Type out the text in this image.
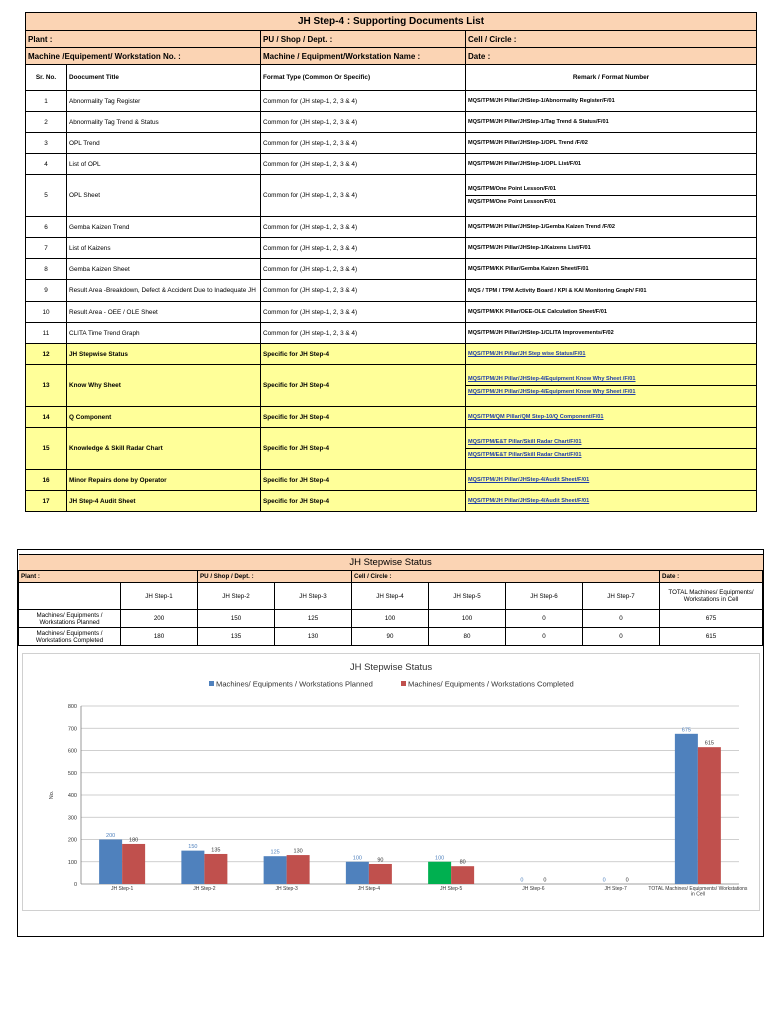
JH Step-4 : Supporting Documents List			
Plant :		PU / Shop / Dept. :	Cell / Circle :
Machine /Equipement/ Workstation No. :		Machine / Equipment/Workstation Name :	Date :
Sr. No.	Doocument Title	Format Type (Common Or Specific)	Remark / Format Number
1	Abnormality Tag Register	Common for (JH step-1, 2, 3 & 4)	MQS/TPM/JH Pillar/JHStep-1/Abnormality Register/F/01

2	Abnormality Tag Trend & Status	Common for (JH step-1, 2, 3 & 4)	MQS/TPM/JH Pillar/JHStep-1/Tag Trend & Status/F/01

3	OPL Trend	Common for (JH step-1, 2, 3 & 4)	MQS/TPM/JH Pillar/JHStep-1/OPL Trend /F/02

4	List of OPL	Common for (JH step-1, 2, 3 & 4)	MQS/TPM/JH Pillar/JHStep-1/OPL List/F/01

5	OPL Sheet	Common for (JH step-1, 2, 3 & 4)	MQS/TPM/One Point Lesson/F/01
MQS/TPM/One Point Lesson/F/01

6	Gemba Kaizen Trend	Common for (JH step-1, 2, 3 & 4)	MQS/TPM/JH Pillar/JHStep-1/Gemba Kaizen Trend /F/02

7	List of Kaizens	Common for (JH step-1, 2, 3 & 4)	MQS/TPM/JH Pillar/JHStep-1/Kaizens List/F/01

8	Gemba Kaizen Sheet	Common for (JH step-1, 2, 3 & 4)	MQS/TPM/KK Pillar/Gemba Kaizen Sheet/F/01

9	Result Area -Breakdown, Defect & Accident Due to Inadequate JH	Common for (JH step-1, 2, 3 & 4)	MQS / TPM / TPM Activity Board / KPI & KAI Monitoring Graph/ F/01

10	Result Area - OEE / OLE Sheet	Common for (JH step-1, 2, 3 & 4)	MQS/TPM/KK Pillar/OEE-OLE Calculation Sheet/F/01

11	CLITA Time Trend Graph	Common for (JH step-1, 2, 3 & 4)	MQS/TPM/JH Pillar/JHStep-1/CLITA Improvements/F/02

12	JH Stepwise Status	Specific for JH Step-4	MQS/TPM/JH Pillar/JH Step wise Status/F/01

13	Know Why Sheet	Specific for JH Step-4	MQS/TPM/JH Pillar/JHStep-4/Equipment Know Why Sheet /F/01
MQS/TPM/JH Pillar/JHStep-4/Equipment Know Why Sheet /F/01

14	Q Component	Specific for JH Step-4	MQS/TPM/QM Pillar/QM Step-10/Q Component/F/01

15	Knowledge & Skill Radar Chart	Specific for JH Step-4	MQS/TPM/E&T Pillar/Skill Radar Chart/F/01
MQS/TPM/E&T Pillar/Skill Radar Chart/F/01

16	Minor Repairs done by Operator	Specific for JH Step-4	MQS/TPM/JH Pillar/JHStep-4/Audit Sheet/F/01

17	JH Step-4 Audit Sheet	Specific for JH Step-4	MQS/TPM/JH Pillar/JHStep-4/Audit Sheet/F/01
JH Stepwise Status								
Plant :		PU / Shop / Dept. :		Cell / Circle :				Date :
	JH Step-1	JH Step-2	JH Step-3	JH Step-4	JH Step-5	JH Step-6	JH Step-7	TOTAL Machines/ Equipments/ Workstations in Cell
Machines/ Equipments / Workstations Planned	200	150	125	100	100	0	0	675
Machines/ Equipments / Workstations Completed	180	135	130	90	80	0	0	615
JH Stepwise Status
Machines/ Equipments / Workstations Planned	Machines/ Equipments / Workstations Completed
0
100
200
300
400
500
600
700
800
No.
200
180
JH Step-1
150
135
JH Step-2
125	130
JH Step-3
100	90
JH Step-4
100
80
JH Step-5
0	0
JH Step-6
0	0
JH Step-7
675
615
TOTAL Machines/ Equipments/ Workstations
in Cell
